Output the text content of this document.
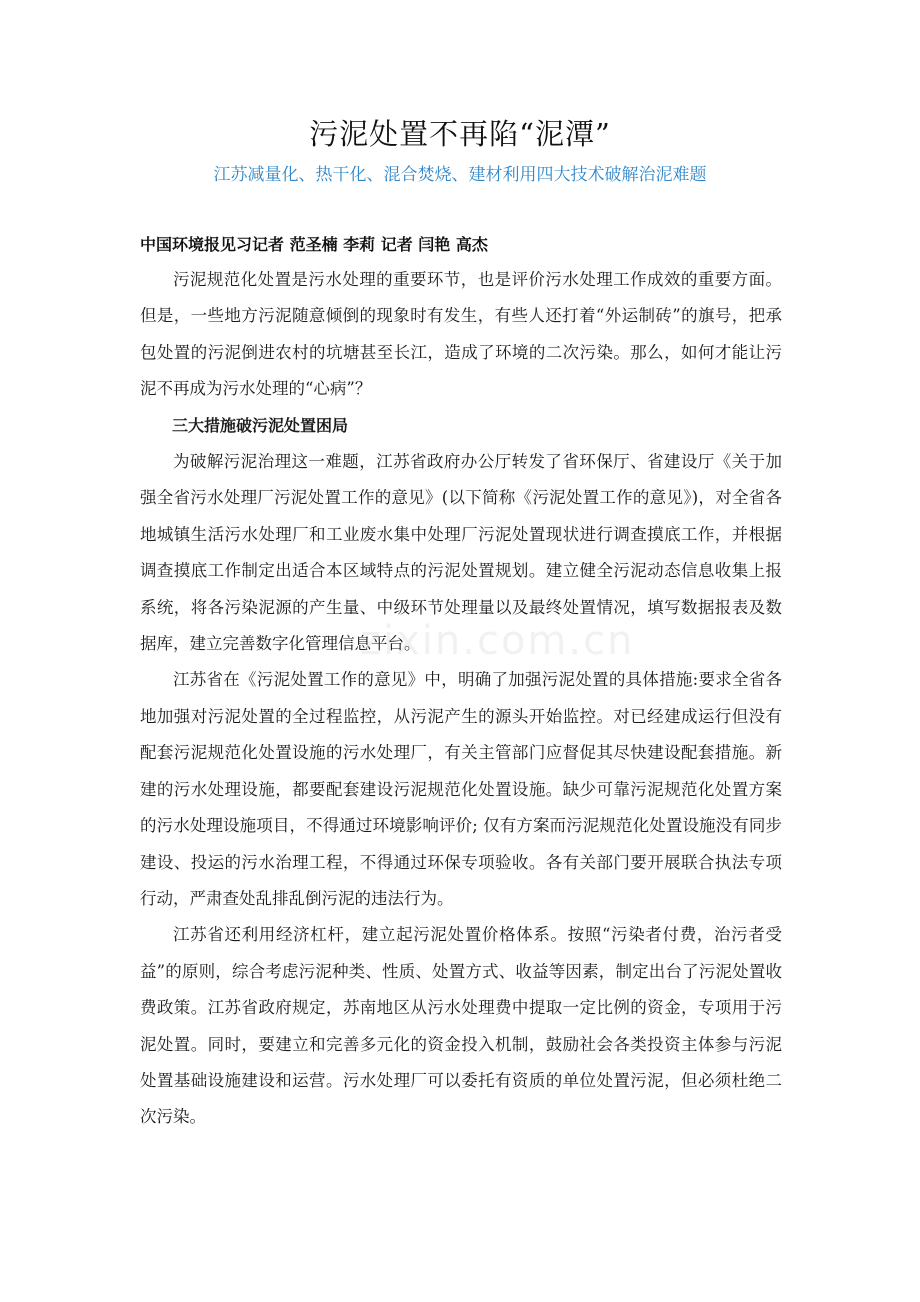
污泥处置不再陷“泥潭”
江苏减量化、热干化、混合焚烧、建材利用四大技术破解治泥难题

中国环境报见习记者 范圣楠 李莉 记者 闫艳 高杰

污泥规范化处置是污水处理的重要环节，也是评价污水处理工作成效的重要方面。但是，一些地方污泥随意倾倒的现象时有发生，有些人还打着“外运制砖”的旗号，把承包处置的污泥倒进农村的坑塘甚至长江，造成了环境的二次污染。那么，如何才能让污泥不再成为污水处理的“心病”？

三大措施破污泥处置困局

为破解污泥治理这一难题，江苏省政府办公厅转发了省环保厅、省建设厅《关于加强全省污水处理厂污泥处置工作的意见》(以下简称《污泥处置工作的意见》)，对全省各地城镇生活污水处理厂和工业废水集中处理厂污泥处置现状进行调查摸底工作，并根据调查摸底工作制定出适合本区域特点的污泥处置规划。建立健全污泥动态信息收集上报系统，将各污染泥源的产生量、中级环节处理量以及最终处置情况，填写数据报表及数据库，建立完善数字化管理信息平台。

江苏省在《污泥处置工作的意见》中，明确了加强污泥处置的具体措施:要求全省各地加强对污泥处置的全过程监控，从污泥产生的源头开始监控。对已经建成运行但没有配套污泥规范化处置设施的污水处理厂，有关主管部门应督促其尽快建设配套措施。新建的污水处理设施，都要配套建设污泥规范化处置设施。缺少可靠污泥规范化处置方案的污水处理设施项目，不得通过环境影响评价; 仅有方案而污泥规范化处置设施没有同步建设、投运的污水治理工程，不得通过环保专项验收。各有关部门要开展联合执法专项行动，严肃查处乱排乱倒污泥的违法行为。

江苏省还利用经济杠杆，建立起污泥处置价格体系。按照“污染者付费，治污者受益”的原则，综合考虑污泥种类、性质、处置方式、收益等因素，制定出台了污泥处置收费政策。江苏省政府规定，苏南地区从污水处理费中提取一定比例的资金，专项用于污泥处置。同时，要建立和完善多元化的资金投入机制，鼓励社会各类投资主体参与污泥处置基础设施建设和运营。污水处理厂可以委托有资质的单位处置污泥，但必须杜绝二次污染。

zixin.com.cn
